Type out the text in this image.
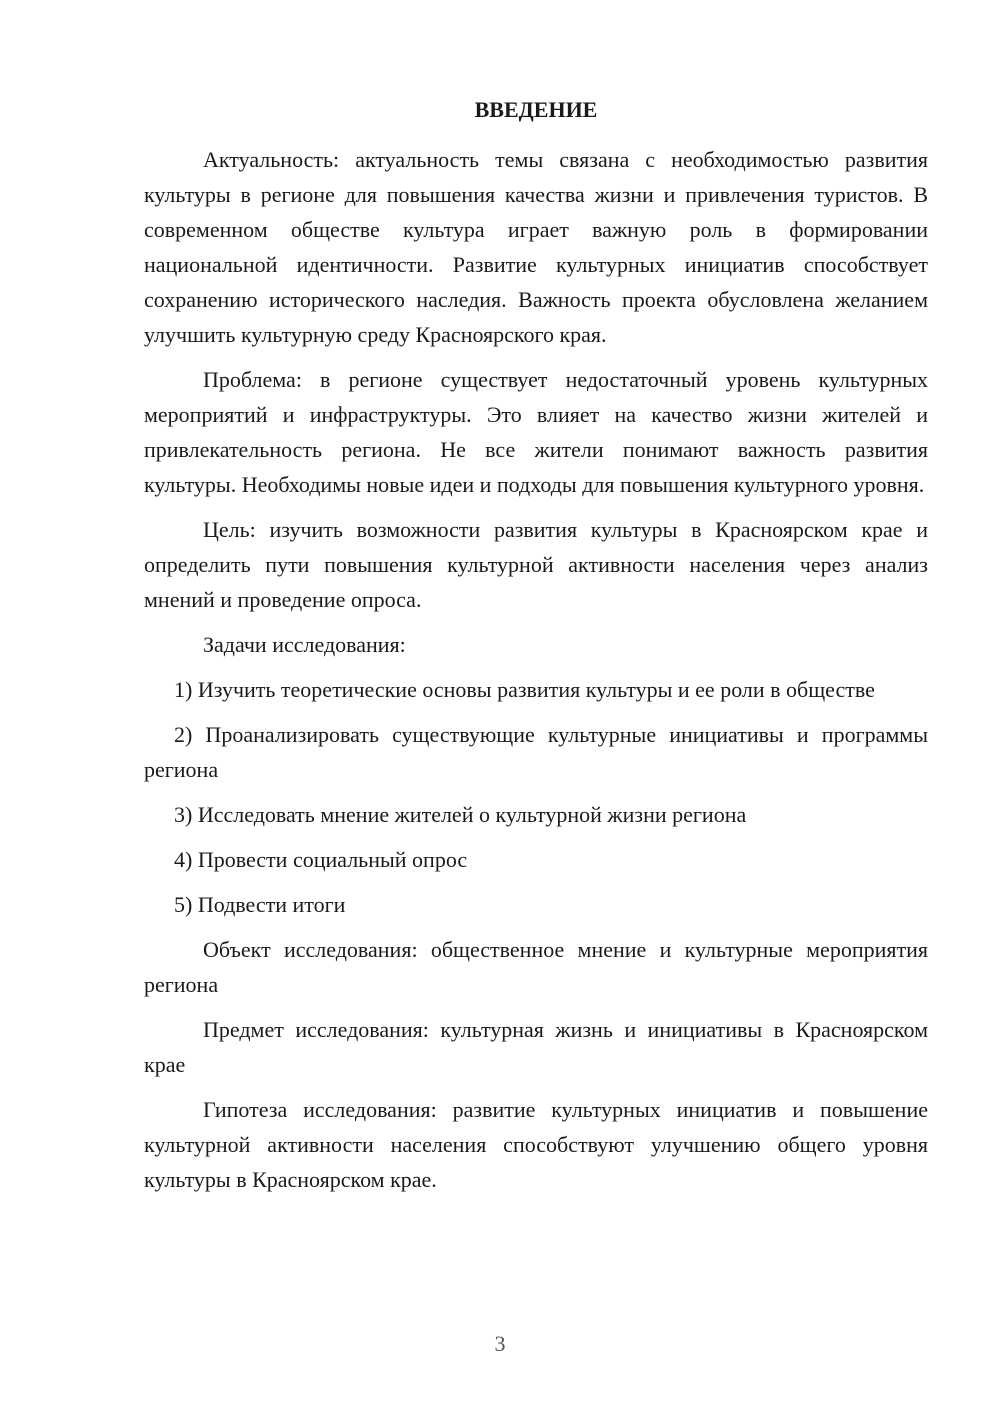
ВВЕДЕНИЕ

Актуальность: актуальность темы связана с необходимостью развития культуры в регионе для повышения качества жизни и привлечения туристов. В современном обществе культура играет важную роль в формировании национальной идентичности. Развитие культурных инициатив способствует сохранению исторического наследия. Важность проекта обусловлена желанием улучшить культурную среду Красноярского края.

Проблема: в регионе существует недостаточный уровень культурных мероприятий и инфраструктуры. Это влияет на качество жизни жителей и привлекательность региона. Не все жители понимают важность развития культуры. Необходимы новые идеи и подходы для повышения культурного уровня.

Цель: изучить возможности развития культуры в Красноярском крае и определить пути повышения культурной активности населения через анализ мнений и проведение опроса.

Задачи исследования:

1) Изучить теоретические основы развития культуры и ее роли в обществе
2) Проанализировать существующие культурные инициативы и программы региона
3) Исследовать мнение жителей о культурной жизни региона
4) Провести социальный опрос
5) Подвести итоги

Объект исследования: общественное мнение и культурные мероприятия региона

Предмет исследования: культурная жизнь и инициативы в Красноярском крае

Гипотеза исследования: развитие культурных инициатив и повышение культурной активности населения способствуют улучшению общего уровня культуры в Красноярском крае.

3
